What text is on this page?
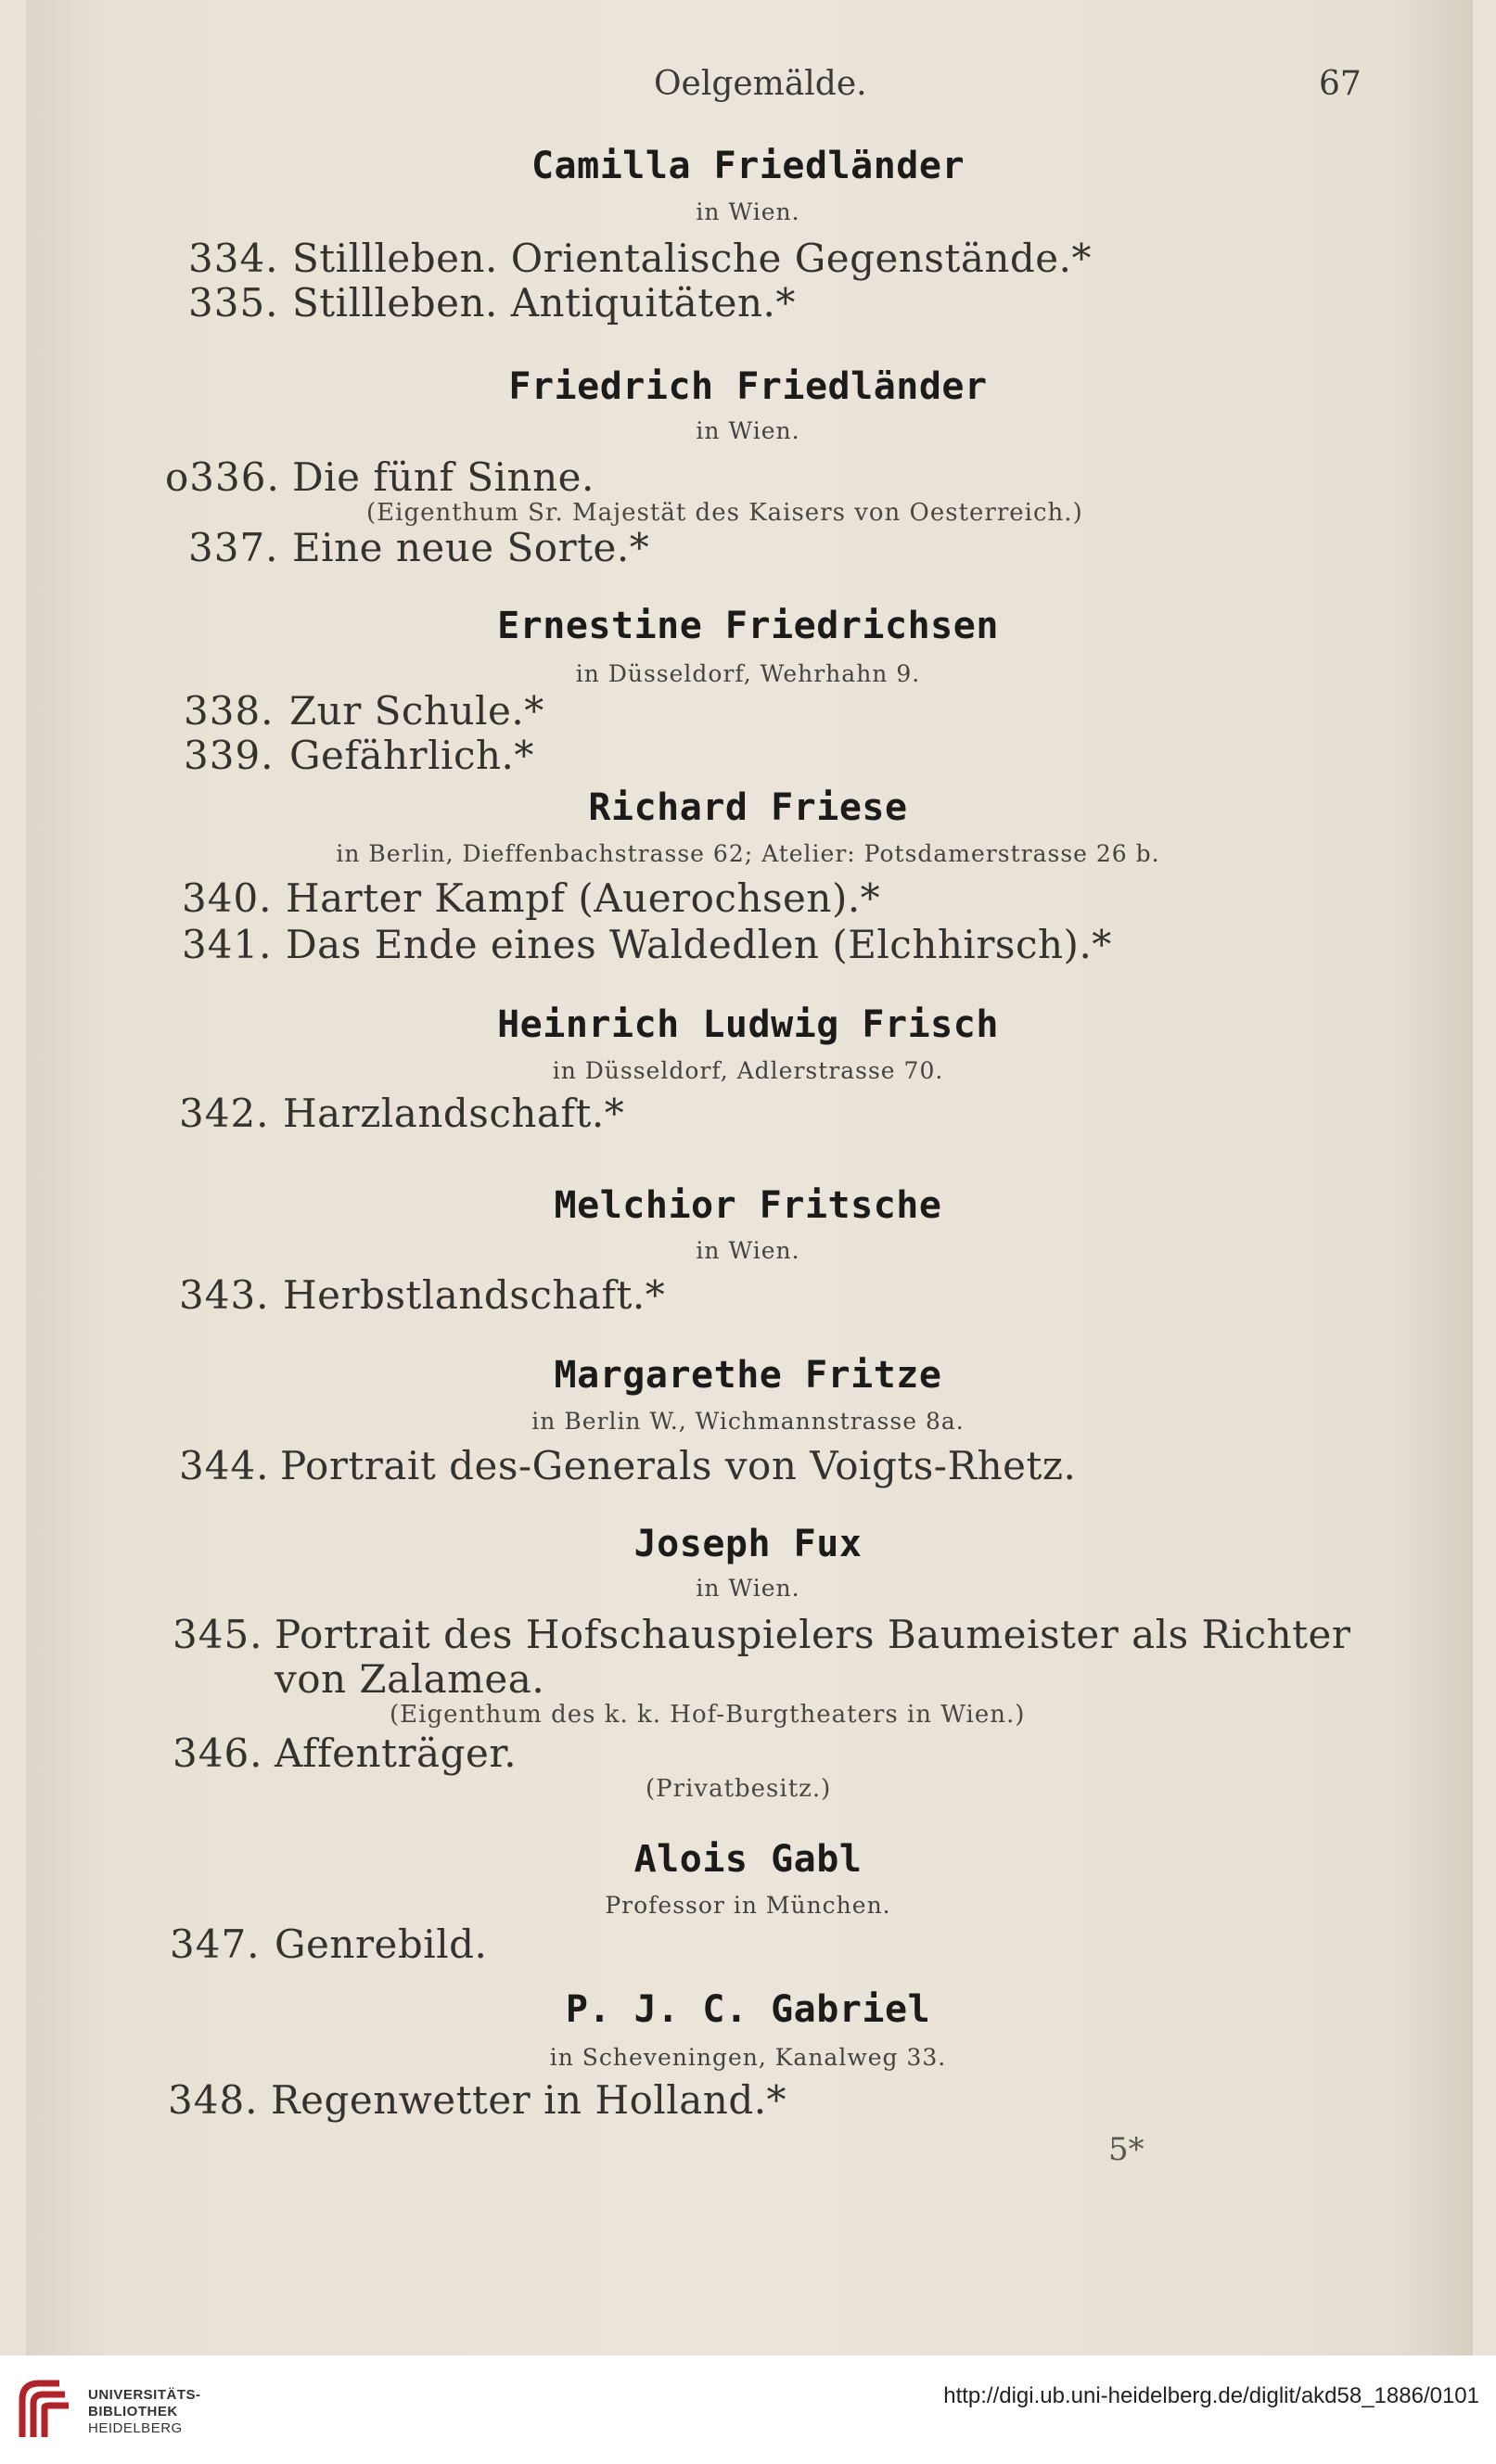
Oelgemälde.	67
Camilla Friedländer
in Wien.
334. Stillleben. Orientalische Gegenstände.*
335. Stillleben. Antiquitäten.*
Friedrich Friedländer
in Wien.
o336. Die fünf Sinne.
(Eigenthum Sr. Majestät des Kaisers von Oesterreich.)
337. Eine neue Sorte.*
Ernestine Friedrichsen
in Düsseldorf, Wehrhahn 9.
338. Zur Schule.*
339. Gefährlich.*
Richard Friese
in Berlin, Dieffenbachstrasse 62; Atelier: Potsdamerstrasse 26 b.
340. Harter Kampf (Auerochsen).*
341. Das Ende eines Waldedlen (Elchhirsch).*
Heinrich Ludwig Frisch
in Düsseldorf, Adlerstrasse 70.
342. Harzlandschaft.*
Melchior Fritsche
in Wien.
343. Herbstlandschaft.*
Margarethe Fritze
in Berlin W., Wichmannstrasse 8a.
344. Portrait des-Generals von Voigts-Rhetz.
Joseph Fux
in Wien.
345. Portrait des Hofschauspielers Baumeister als Richter
von Zalamea.
(Eigenthum des k. k. Hof-Burgtheaters in Wien.)
346. Affenträger.
(Privatbesitz.)
Alois Gabl
Professor in München.
347. Genrebild.
P. J. C. Gabriel
in Scheveningen, Kanalweg 33.
348. Regenwetter in Holland.*
5*
UNIVERSITÄTS-
BIBLIOTHEK
HEIDELBERG
http://digi.ub.uni-heidelberg.de/diglit/akd58_1886/0101
